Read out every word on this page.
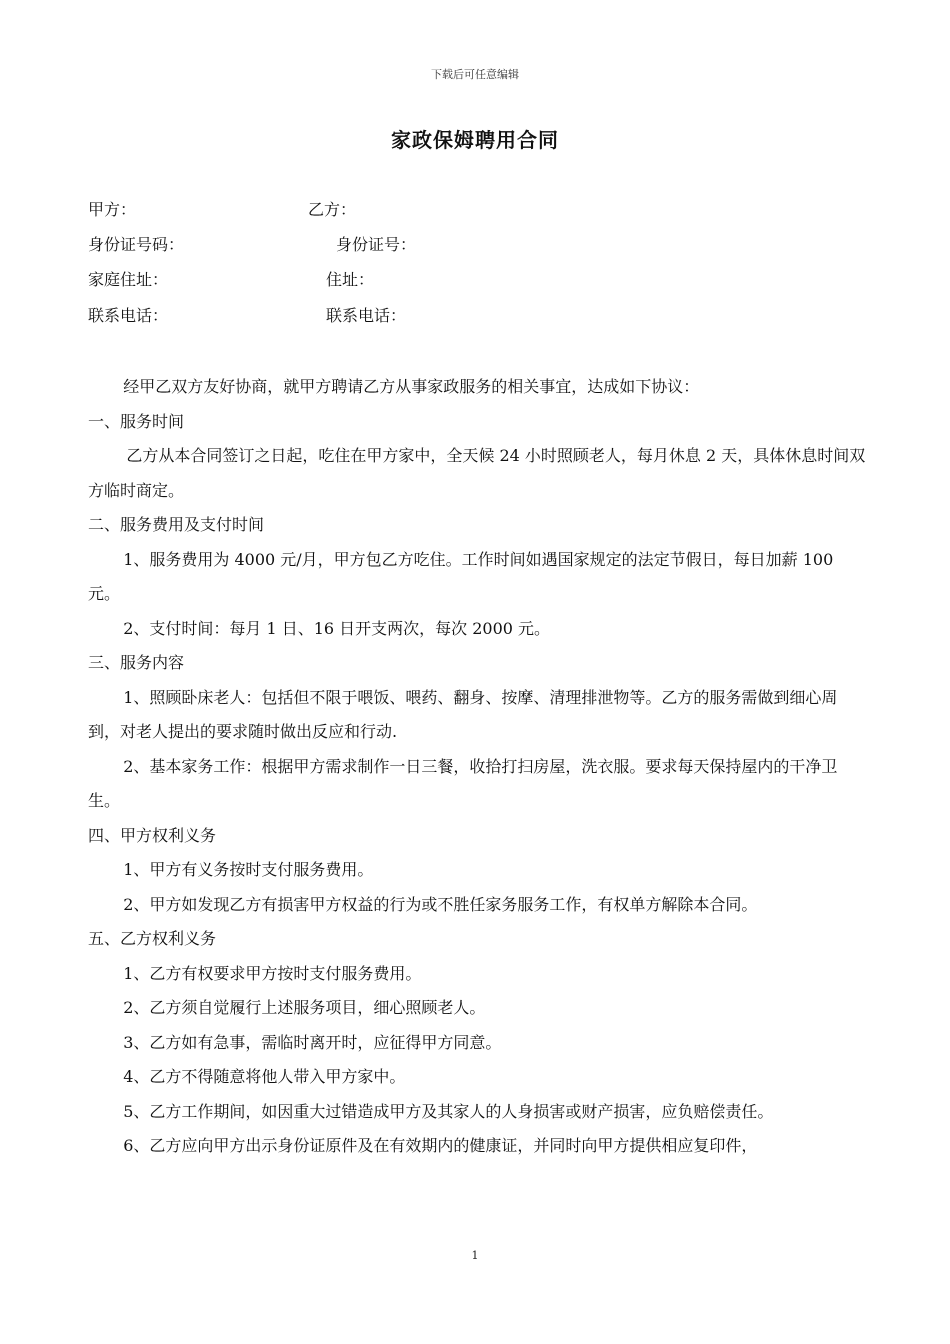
下载后可任意编辑
家政保姆聘用合同
甲方：	乙方：
身份证号码：	身份证号：
家庭住址：	住址：
联系电话：	联系电话：

经甲乙双方友好协商，就甲方聘请乙方从事家政服务的相关事宜，达成如下协议：

一、服务时间

乙方从本合同签订之日起，吃住在甲方家中，全天候 24 小时照顾老人，每月休息 2 天，具体休息时间双方临时商定。

二、服务费用及支付时间

1、服务费用为 4000 元/月，甲方包乙方吃住。工作时间如遇国家规定的法定节假日，每日加薪 100 元。

2、支付时间：每月 1 日、16 日开支两次，每次 2000 元。

三、服务内容

1、照顾卧床老人：包括但不限于喂饭、喂药、翻身、按摩、清理排泄物等。乙方的服务需做到细心周到，对老人提出的要求随时做出反应和行动.

2、基本家务工作：根据甲方需求制作一日三餐，收拾打扫房屋，洗衣服。要求每天保持屋内的干净卫生。

四、甲方权利义务

1、甲方有义务按时支付服务费用。

2、甲方如发现乙方有损害甲方权益的行为或不胜任家务服务工作，有权单方解除本合同。

五、乙方权利义务

1、乙方有权要求甲方按时支付服务费用。

2、乙方须自觉履行上述服务项目，细心照顾老人。

3、乙方如有急事，需临时离开时，应征得甲方同意。

4、乙方不得随意将他人带入甲方家中。

5、乙方工作期间，如因重大过错造成甲方及其家人的人身损害或财产损害，应负赔偿责任。

6、乙方应向甲方出示身份证原件及在有效期内的健康证，并同时向甲方提供相应复印件，

1
